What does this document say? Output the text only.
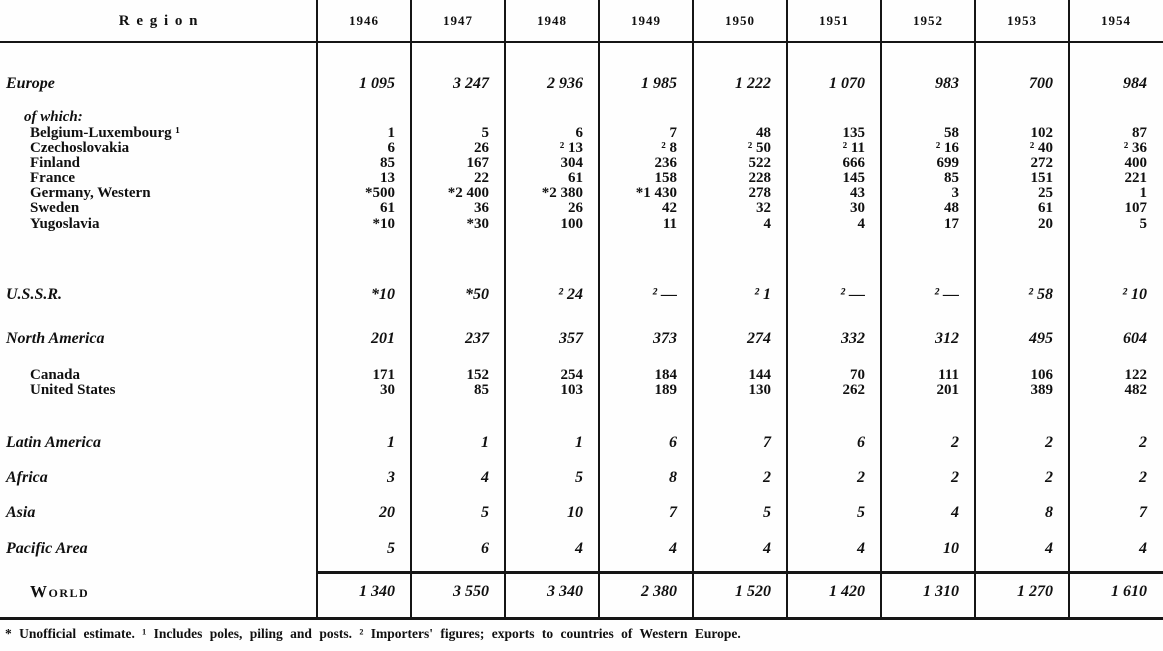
Region	1946	1947	1948	1949	1950	1951	1952	1953	1954
Europe	1 095	3 247	2 936	1 985	1 222	1 070	983	700	984
of which:
Belgium-Luxembourg ¹	1	5	6	7	48	135	58	102	87
Czechoslovakia	6	26	² 13	² 8	² 50	² 11	² 16	² 40	² 36
Finland	85	167	304	236	522	666	699	272	400
France	13	22	61	158	228	145	85	151	221
Germany, Western	*500	*2 400	*2 380	*1 430	278	43	3	25	1
Sweden	61	36	26	42	32	30	48	61	107
Yugoslavia	*10	*30	100	11	4	4	17	20	5
U.S.S.R.	*10	*50	² 24	² —	² 1	² —	² —	² 58	² 10
North America	201	237	357	373	274	332	312	495	604
Canada	171	152	254	184	144	70	111	106	122
United States	30	85	103	189	130	262	201	389	482
Latin America	1	1	1	6	7	6	2	2	2
Africa	3	4	5	8	2	2	2	2	2
Asia	20	5	10	7	5	5	4	8	7
Pacific Area	5	6	4	4	4	4	10	4	4
World	1 340	3 550	3 340	2 380	1 520	1 420	1 310	1 270	1 610
* Unofficial estimate. ¹ Includes poles, piling and posts. ² Importers' figures; exports to countries of Western Europe.
